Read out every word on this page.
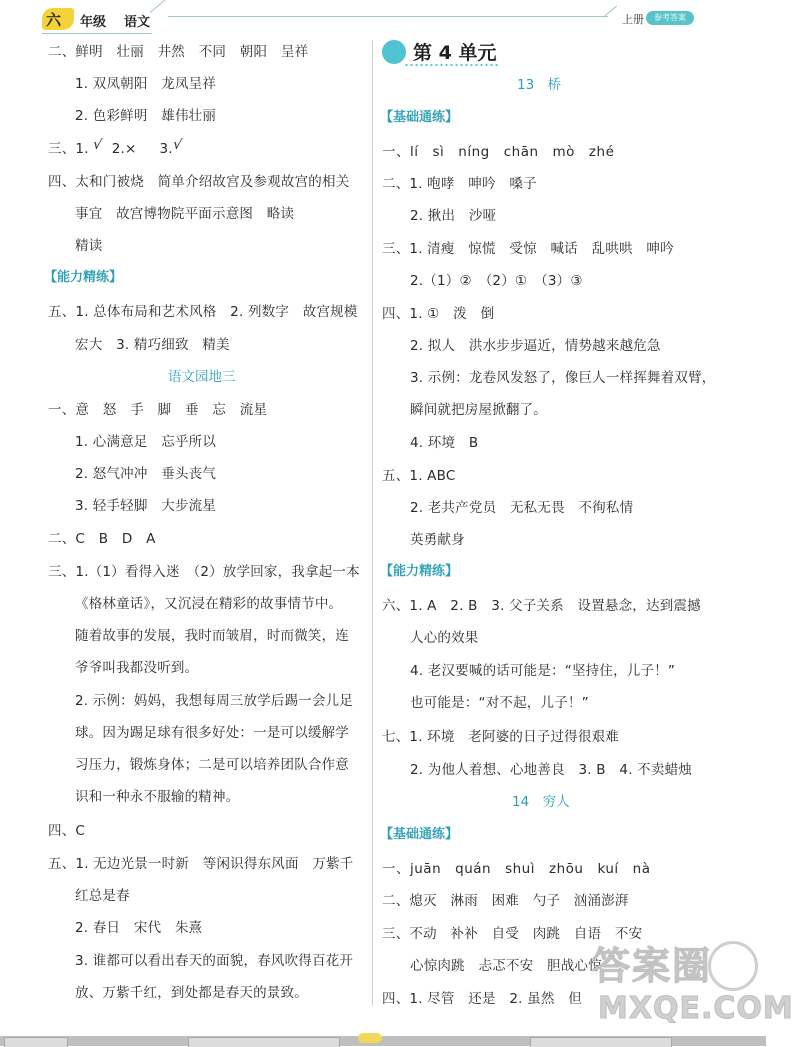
六 年级 语文	上册	参考答案
二、鲜明　壮丽　井然　不同　朝阳　呈祥
1. 双凤朝阳　龙凤呈祥
2. 色彩鲜明　雄伟壮丽
三、1. √ 2.× 3.
√
四、太和门被烧　简单介绍故宫及参观故宫的相关
事宜　故宫博物院平面示意图　略读
精读
【能力精练】
五、1. 总体布局和艺术风格　2. 列数字　故宫规模
宏大　3. 精巧细致　精美
语文园地三
一、意　怒　手　脚　垂　忘　流星
1. 心满意足　忘乎所以
2. 怒气冲冲　垂头丧气
3. 轻手轻脚　大步流星
二、C　B　D　A
三、1.（1）看得入迷　（2）放学回家，我拿起一本
《格林童话》，又沉浸在精彩的故事情节中。
随着故事的发展，我时而皱眉，时而微笑，连
爷爷叫我都没听到。
2. 示例：妈妈，我想每周三放学后踢一会儿足
球。因为踢足球有很多好处：一是可以缓解学
习压力，锻炼身体；二是可以培养团队合作意
识和一种永不服输的精神。
四、C
五、1. 无边光景一时新　等闲识得东风面　万紫千
红总是春
2. 春日　宋代　朱熹
3. 谁都可以看出春天的面貌，春风吹得百花开
放、万紫千红，到处都是春天的景致。
第 4 单元
13　桥
【基础通练】
一、lí　sì　níng　chān　mò　zhé
二、1. 咆哮　呻吟　嗓子
2. 揪出　沙哑
三、1. 清瘦　惊慌　受惊　喊话　乱哄哄　呻吟
2.（1）②　（2）①　（3）③
四、1. ①　泼　倒
2. 拟人　洪水步步逼近，情势越来越危急
3. 示例：龙卷风发怒了，像巨人一样挥舞着双臂，
瞬间就把房屋掀翻了。
4. 环境　B
五、1. ABC
2. 老共产党员　无私无畏　不徇私情
英勇献身
【能力精练】
六、1. A　2. B　3. 父子关系　设置悬念，达到震撼
人心的效果
4. 老汉要喊的话可能是：“坚持住，儿子！”
也可能是：“对不起，儿子！”
七、1. 环境　老阿婆的日子过得很艰难
2. 为他人着想、心地善良　3. B　4. 不卖蜡烛
14　穷人
【基础通练】
一、juān　quán　shuì　zhōu　kuí　nà
二、熄灭　淋雨　困难　勺子　汹涌澎湃
三、不动　补补　自受　肉跳　自语　不安
心惊肉跳　忐忑不安　胆战心惊
四、1. 尽管　还是　2. 虽然　但
答案圈
MXQE.COM
